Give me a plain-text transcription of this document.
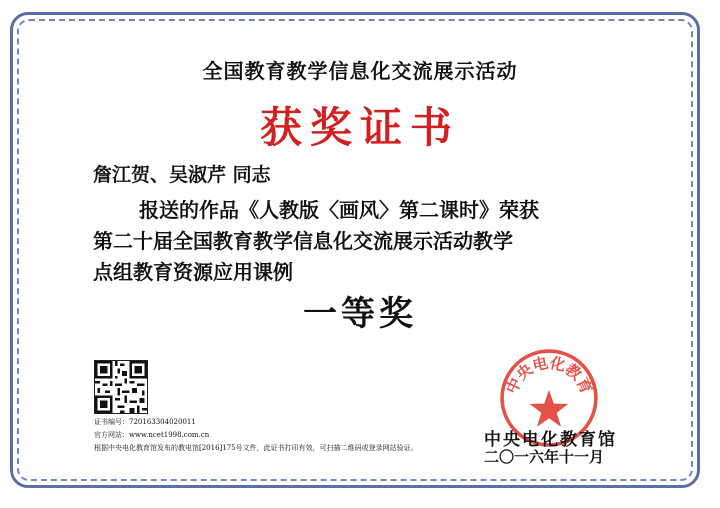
全国教育教学信息化交流展示活动
获奖证书
詹江贺、吴淑芹 同志
报送的作品《人教版〈画风〉第二课时》荣获
第二十届全国教育教学信息化交流展示活动教学
点组教育资源应用课例
一等奖
证书编号：720163304020011
官方网站：www.ncet1998.com.cn
根据中央电化教育馆发布的教电馆[2016]175号文件，此证书打印有效，可扫描二维码或登录网站验证。
中央电化教育
中央电化教育馆
二〇一六年十一月
